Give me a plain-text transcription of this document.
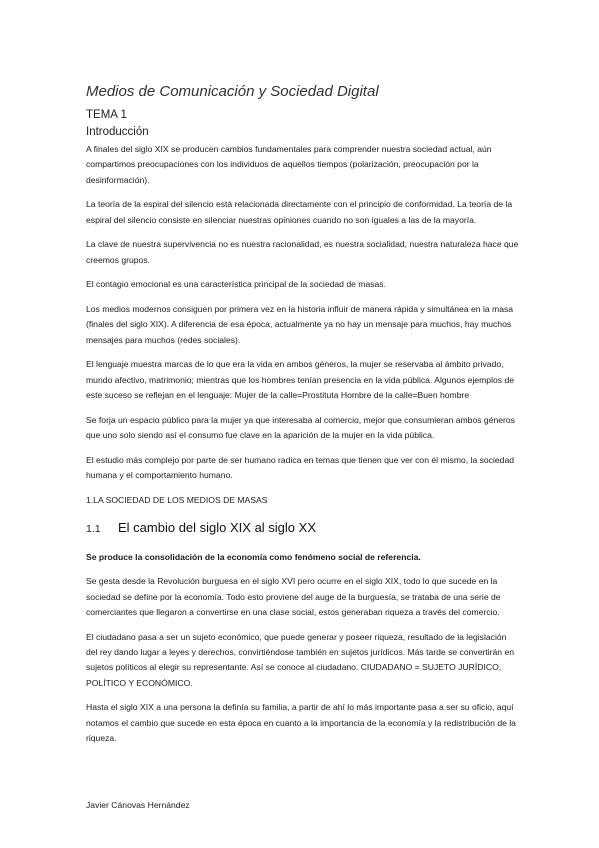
Medios de Comunicación y Sociedad Digital
TEMA 1
Introducción

A finales del siglo XIX se producen cambios fundamentales para comprender nuestra sociedad actual, aún compartimos preocupaciones con los individuos de aquellos tiempos (polarización, preocupación por la desinformación).

La teoría de la espiral del silencio está relacionada directamente con el principio de conformidad. La teoría de la espiral del silencio consiste en silenciar nuestras opiniones cuando no son iguales a las de la mayoría.

La clave de nuestra supervivencia no es nuestra racionalidad, es nuestra socialidad, nuestra naturaleza hace que creemos grupos.

El contagio emocional es una característica principal de la sociedad de masas.

Los medios modernos consiguen por primera vez en la historia influir de manera rápida y simultánea en la masa (finales del siglo XIX). A diferencia de esa época, actualmente ya no hay un mensaje para muchos, hay muchos mensajes para muchos (redes sociales).

El lenguaje muestra marcas de lo que era la vida en ambos géneros, la mujer se reservaba al ámbito privado, mundo afectivo, matrimonio; mientras que los hombres tenían presencia en la vida pública. Algunos ejemplos de este suceso se reflejan en el lenguaje: Mujer de la calle=Prostituta Hombre de la calle=Buen hombre

Se forja un espacio público para la mujer ya que interesaba al comercio, mejor que consumieran ambos géneros que uno solo siendo así el consumo fue clave en la aparición de la mujer en la vida pública.

El estudio más complejo por parte de ser humano radica en temas que tienen que ver con él mismo, la sociedad humana y el comportamiento humano.

1.LA SOCIEDAD DE LOS MEDIOS DE MASAS
1.1	El cambio del siglo XIX al siglo XX

Se produce la consolidación de la economía como fenómeno social de referencia.

Se gesta desde la Revolución burguesa en el siglo XVI pero ocurre en el siglo XIX, todo lo que sucede en la sociedad se define por la economía. Todo esto proviene del auge de la burguesía, se trataba de una serie de comerciantes que llegaron a convertirse en una clase social, estos generaban riqueza a través del comercio.

El ciudadano pasa a ser un sujeto económico, que puede generar y poseer riqueza, resultado de la legislación del rey dando lugar a leyes y derechos, convirtiéndose también en sujetos jurídicos. Más tarde se convertirán en sujetos políticos al elegir su representante. Así se conoce al ciudadano. CIUDADANO = SUJETO JURÍDICO, POLÍTICO Y ECONÓMICO.

Hasta el siglo XIX a una persona la definía su familia, a partir de ahí lo más importante pasa a ser su oficio, aquí notamos el cambio que sucede en esta época en cuanto a la importancia de la economía y la redistribución de la riqueza.

Javier Cánovas Hernández
